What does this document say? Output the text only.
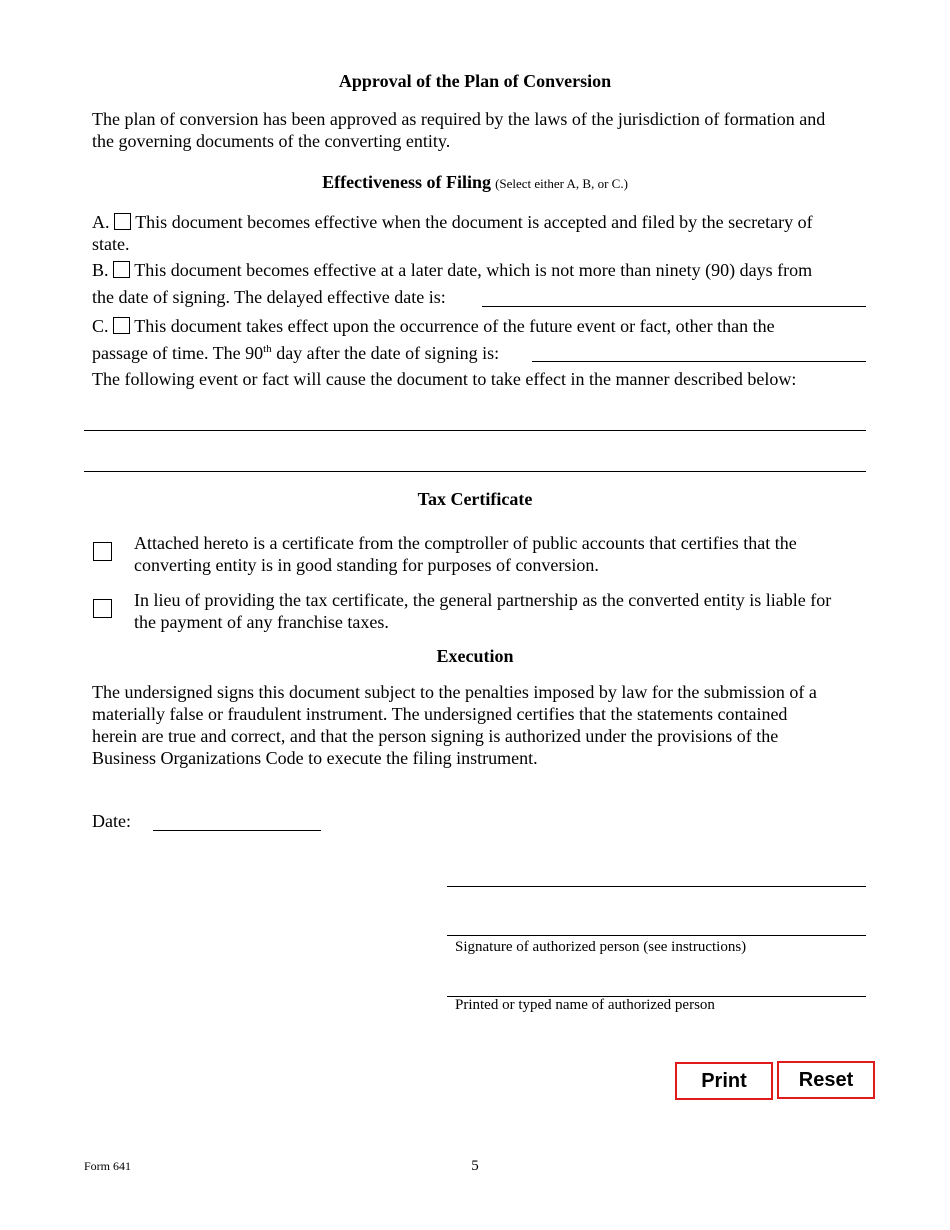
Approval of the Plan of Conversion
The plan of conversion has been approved as required by the laws of the jurisdiction of formation and
the governing documents of the converting entity.
Effectiveness of Filing (Select either A, B, or C.)
A. This document becomes effective when the document is accepted and filed by the secretary of
state.
B. This document becomes effective at a later date, which is not more than ninety (90) days from
the date of signing. The delayed effective date is:
C. This document takes effect upon the occurrence of the future event or fact, other than the
passage of time. The 90th day after the date of signing is:
The following event or fact will cause the document to take effect in the manner described below:
Tax Certificate
Attached hereto is a certificate from the comptroller of public accounts that certifies that the
converting entity is in good standing for purposes of conversion.
In lieu of providing the tax certificate, the general partnership as the converted entity is liable for
the payment of any franchise taxes.
Execution
The undersigned signs this document subject to the penalties imposed by law for the submission of a
materially false or fraudulent instrument. The undersigned certifies that the statements contained
herein are true and correct, and that the person signing is authorized under the provisions of the
Business Organizations Code to execute the filing instrument.
Date:
Signature of authorized person (see instructions)
Printed or typed name of authorized person
Print	Reset
Form 641	5
